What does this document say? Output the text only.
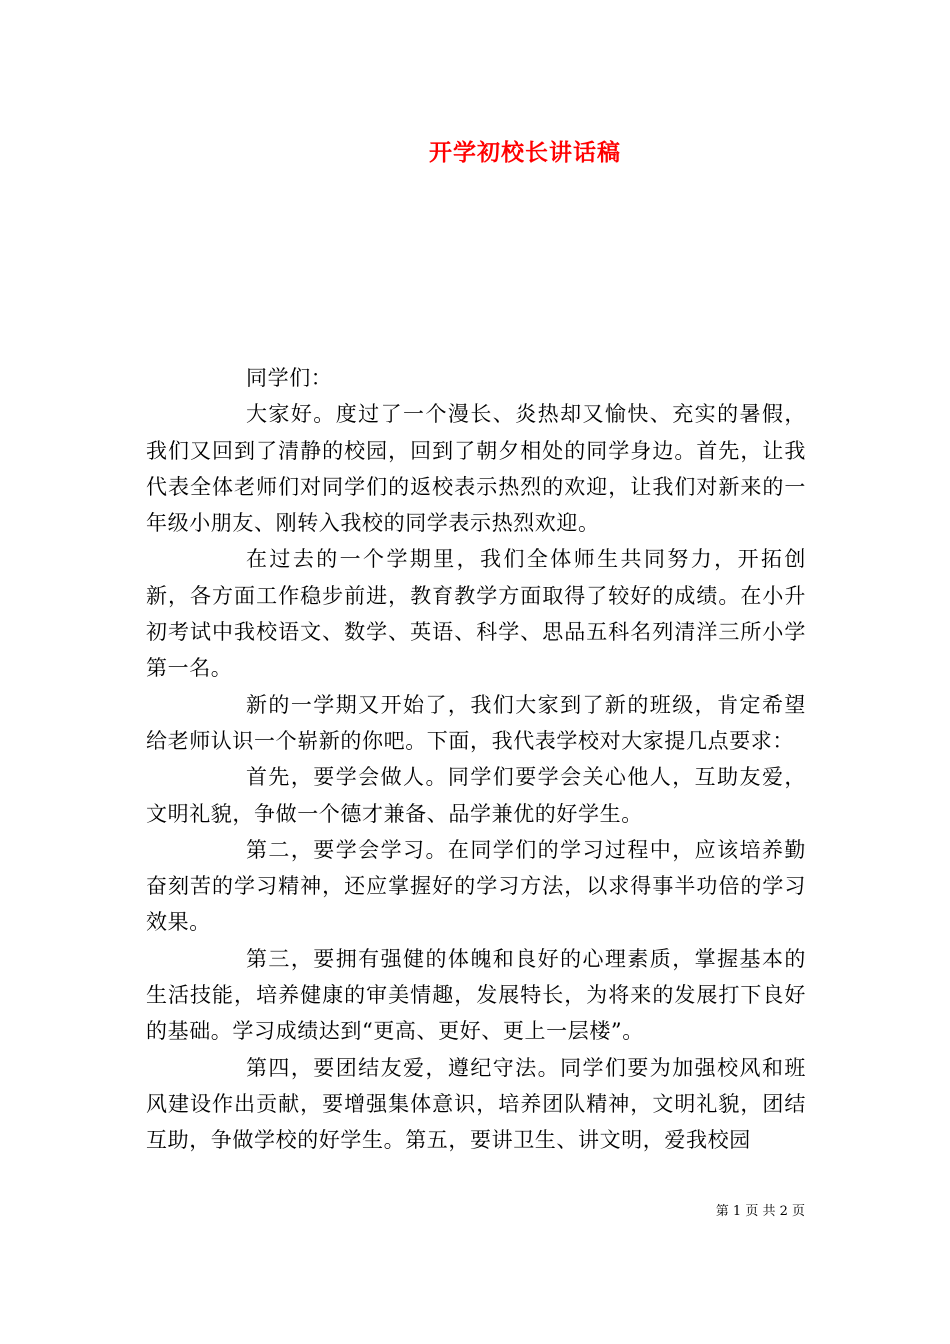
开学初校长讲话稿

同学们：

大家好。度过了一个漫长、炎热却又愉快、充实的暑假，我们又回到了清静的校园，回到了朝夕相处的同学身边。首先，让我代表全体老师们对同学们的返校表示热烈的欢迎，让我们对新来的一年级小朋友、刚转入我校的同学表示热烈欢迎。

在过去的一个学期里，我们全体师生共同努力，开拓创新，各方面工作稳步前进，教育教学方面取得了较好的成绩。在小升初考试中我校语文、数学、英语、科学、思品五科名列清洋三所小学第一名。

新的一学期又开始了，我们大家到了新的班级，肯定希望给老师认识一个崭新的你吧。下面，我代表学校对大家提几点要求：

首先，要学会做人。同学们要学会关心他人，互助友爱，文明礼貌，争做一个德才兼备、品学兼优的好学生。

第二，要学会学习。在同学们的学习过程中，应该培养勤奋刻苦的学习精神，还应掌握好的学习方法，以求得事半功倍的学习效果。

第三，要拥有强健的体魄和良好的心理素质，掌握基本的生活技能，培养健康的审美情趣，发展特长，为将来的发展打下良好的基础。学习成绩达到“更高、更好、更上一层楼”。

第四，要团结友爱，遵纪守法。同学们要为加强校风和班风建设作出贡献，要增强集体意识，培养团队精神，文明礼貌，团结互助，争做学校的好学生。第五，要讲卫生、讲文明，爱我校园

第 1 页 共 2 页
